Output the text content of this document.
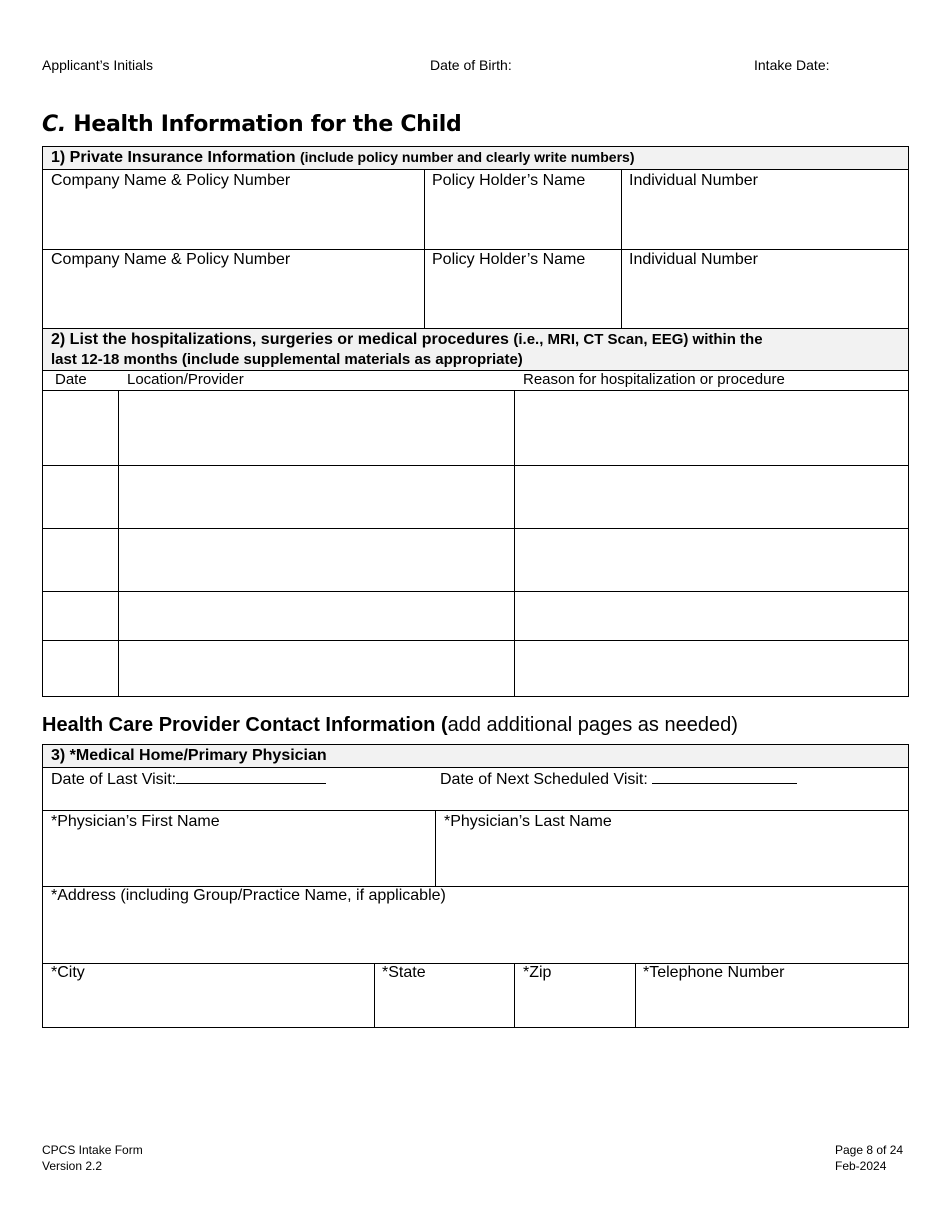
Applicant’s Initials	Date of Birth:	Intake Date:
C. Health Information for the Child
1) Private Insurance Information (include policy number and clearly write numbers)
Company Name & Policy Number	Policy Holder’s Name	Individual Number
Company Name & Policy Number	Policy Holder’s Name	Individual Number
2) List the hospitalizations, surgeries or medical procedures (i.e., MRI, CT Scan, EEG) within the
last 12-18 months (include supplemental materials as appropriate)
Date	Location/Provider	Reason for hospitalization or procedure
Health Care Provider Contact Information (add additional pages as needed)
3) *Medical Home/Primary Physician
Date of Last Visit:	Date of Next Scheduled Visit:
*Physician’s First Name	*Physician’s Last Name
*Address (including Group/Practice Name, if applicable)
*City	*State	*Zip	*Telephone Number
CPCS Intake Form
Version 2.2
Page 8 of 24
Feb-2024
